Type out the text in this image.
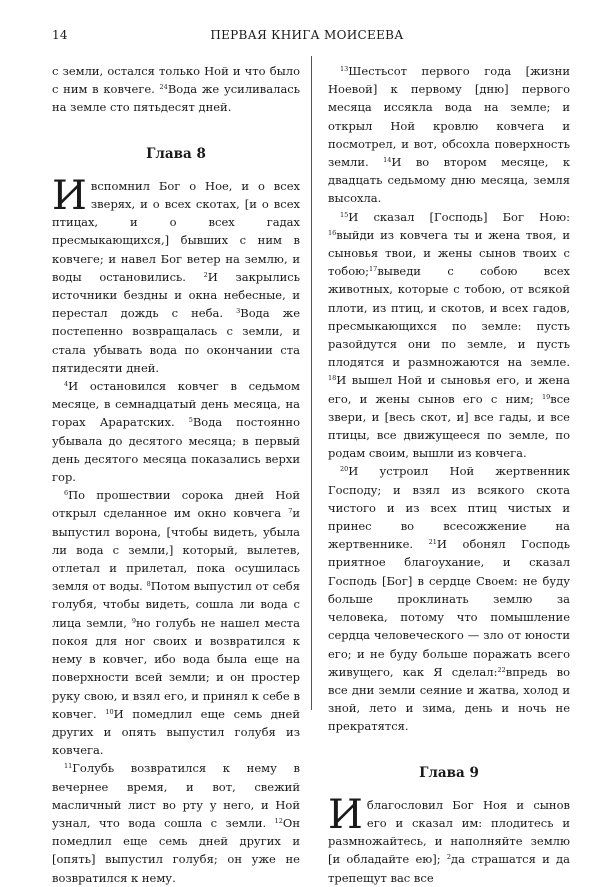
14	ПЕРВАЯ КНИГА МОИСЕЕВА

с земли, остался только Ной и что было с ним в ковчеге. $^{24}$Вода же усиливалась на земле сто пятьдесят дней.

Глава 8

И вспомнил Бог о Ное, и о всех зверях, и о всех скотах, [и о всех птицах, и о всех гадах пресмыкающихся,] бывших с ним в ковчеге; и навел Бог ветер на землю, и воды остановились. $^2$И закрылись источники бездны и окна небесные, и перестал дождь с неба. $^3$Вода же постепенно возвращалась с земли, и стала убывать вода по окончании ста пятидесяти дней.

$^4$И остановился ковчег в седьмом месяце, в семнадцатый день месяца, на горах Араратских. $^5$Вода постоянно убывала до десятого месяца; в первый день десятого месяца показались верхи гор.

$^6$По прошествии сорока дней Ной открыл сделанное им окно ковчега $^7$и выпустил ворона, [чтобы видеть, убыла ли вода с земли,] который, вылетев, отлетал и прилетал, пока осушилась земля от воды. $^8$Потом выпустил от себя голубя, чтобы видеть, сошла ли вода с лица земли, $^9$но голубь не нашел места покоя для ног своих и возвратился к нему в ковчег, ибо вода была еще на поверхности всей земли; и он простер руку свою, и взял его, и принял к себе в ковчег. $^{10}$И помедлил еще семь дней других и опять выпустил голубя из ковчега.

$^{11}$Голубь возвратился к нему в вечернее время, и вот, свежий масличный лист во рту у него, и Ной узнал, что вода сошла с земли. $^{12}$Он помедлил еще семь дней других и [опять] выпустил голубя; он уже не возвратился к нему.

$^{13}$Шестьсот первого года [жизни Ноевой] к первому [дню] первого месяца иссякла вода на земле; и открыл Ной кровлю ковчега и посмотрел, и вот, обсохла поверхность земли. $^{14}$И во втором месяце, к двадцать седьмому дню месяца, земля высохла.

$^{15}$И сказал [Господь] Бог Ною: $^{16}$выйди из ковчега ты и жена твоя, и сыновья твои, и жены сынов твоих с тобою;$^{17}$выведи с собою всех животных, которые с тобою, от всякой плоти, из птиц, и скотов, и всех гадов, пресмыкающихся по земле: пусть разойдутся они по земле, и пусть плодятся и размножаются на земле. $^{18}$И вышел Ной и сыновья его, и жена его, и жены сынов его с ним; $^{19}$все звери, и [весь скот, и] все гады, и все птицы, все движущееся по земле, по родам своим, вышли из ковчега.

$^{20}$И устроил Ной жертвенник Господу; и взял из всякого скота чистого и из всех птиц чистых и принес во всесожжение на жертвеннике. $^{21}$И обонял Господь приятное благоухание, и сказал Господь [Бог] в сердце Своем: не буду больше проклинать землю за человека, потому что помышление сердца человеческого — зло от юности его; и не буду больше поражать всего живущего, как Я сделал:$^{22}$впредь во все дни земли сеяние и жатва, холод и зной, лето и зима, день и ночь не прекратятся.

Глава 9

И благословил Бог Ноя и сынов его и сказал им: плодитесь и размножайтесь, и наполняйте землю [и обладайте ею]; $^2$да страшатся и да трепещут вас все
